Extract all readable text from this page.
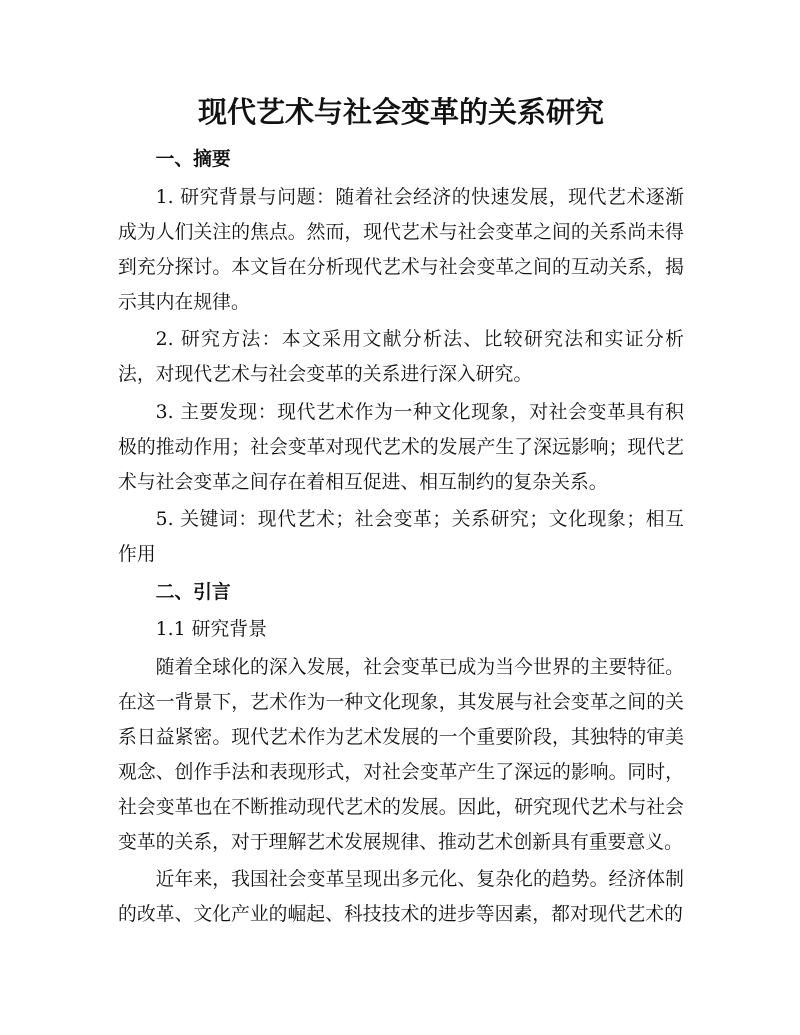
现代艺术与社会变革的关系研究
一、摘要

1. 研究背景与问题：随着社会经济的快速发展，现代艺术逐渐成为人们关注的焦点。然而，现代艺术与社会变革之间的关系尚未得到充分探讨。本文旨在分析现代艺术与社会变革之间的互动关系，揭示其内在规律。

2. 研究方法：本文采用文献分析法、比较研究法和实证分析法，对现代艺术与社会变革的关系进行深入研究。

3. 主要发现：现代艺术作为一种文化现象，对社会变革具有积极的推动作用；社会变革对现代艺术的发展产生了深远影响；现代艺术与社会变革之间存在着相互促进、相互制约的复杂关系。

5. 关键词：现代艺术；社会变革；关系研究；文化现象；相互作用

二、引言

1.1 研究背景

随着全球化的深入发展，社会变革已成为当今世界的主要特征。在这一背景下，艺术作为一种文化现象，其发展与社会变革之间的关系日益紧密。现代艺术作为艺术发展的一个重要阶段，其独特的审美观念、创作手法和表现形式，对社会变革产生了深远的影响。同时，社会变革也在不断推动现代艺术的发展。因此，研究现代艺术与社会变革的关系，对于理解艺术发展规律、推动艺术创新具有重要意义。

近年来，我国社会变革呈现出多元化、复杂化的趋势。经济体制的改革、文化产业的崛起、科技技术的进步等因素，都对现代艺术的
